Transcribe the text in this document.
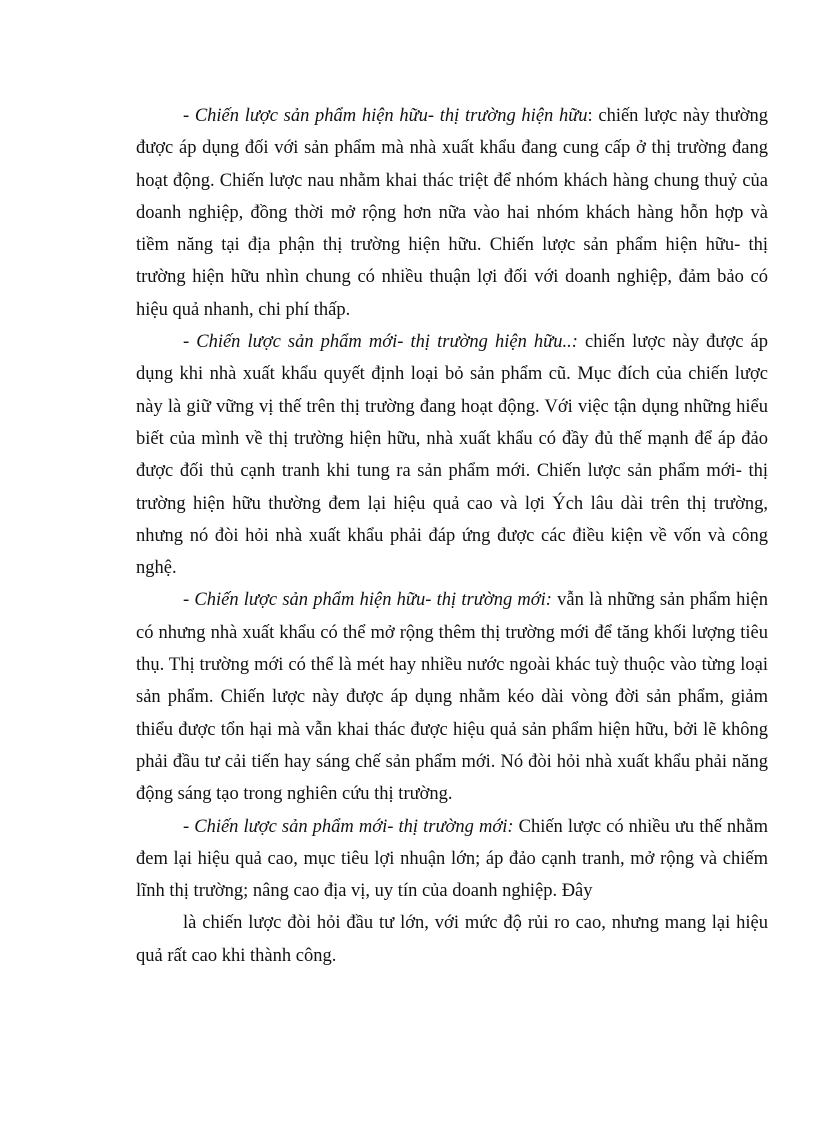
- Chiến lược sản phẩm hiện hữu- thị trường hiện hữu: chiến lược này thường được áp dụng đối với sản phẩm mà nhà xuất khẩu đang cung cấp ở thị trường đang hoạt động. Chiến lược nau nhằm khai thác triệt để nhóm khách hàng chung thuỷ của doanh nghiệp, đồng thời mở rộng hơn nữa vào hai nhóm khách hàng hỗn hợp và tiềm năng tại địa phận thị trường hiện hữu. Chiến lược sản phẩm hiện hữu- thị trường hiện hữu nhìn chung có nhiều thuận lợi đối với doanh nghiệp, đảm bảo có hiệu quả nhanh, chi phí thấp.

- Chiến lược sản phẩm mới- thị trường hiện hữu..: chiến lược này được áp dụng khi nhà xuất khẩu quyết định loại bỏ sản phẩm cũ. Mục đích của chiến lược này là giữ vững vị thế trên thị trường đang hoạt động. Với việc tận dụng những hiểu biết của mình về thị trường hiện hữu, nhà xuất khẩu có đầy đủ thế mạnh để áp đảo được đối thủ cạnh tranh khi tung ra sản phẩm mới. Chiến lược sản phẩm mới- thị trường hiện hữu thường đem lại hiệu quả cao và lợi Ých lâu dài trên thị trường, nhưng nó đòi hỏi nhà xuất khẩu phải đáp ứng được các điều kiện về vốn và công nghệ.

- Chiến lược sản phẩm hiện hữu- thị trường mới: vẫn là những sản phẩm hiện có nhưng nhà xuất khẩu có thể mở rộng thêm thị trường mới để tăng khối lượng tiêu thụ. Thị trường mới có thể là mét hay nhiều nước ngoài khác tuỳ thuộc vào từng loại sản phẩm. Chiến lược này được áp dụng nhằm kéo dài vòng đời sản phẩm, giảm thiểu được tổn hại mà vẫn khai thác được hiệu quả sản phẩm hiện hữu, bởi lẽ không phải đầu tư cải tiến hay sáng chế sản phẩm mới. Nó đòi hỏi nhà xuất khẩu phải năng động sáng tạo trong nghiên cứu thị trường.

- Chiến lược sản phẩm mới- thị trường mới: Chiến lược có nhiều ưu thế nhằm đem lại hiệu quả cao, mục tiêu lợi nhuận lớn; áp đảo cạnh tranh, mở rộng và chiếm lĩnh thị trường; nâng cao địa vị, uy tín của doanh nghiệp. Đây

là chiến lược đòi hỏi đầu tư lớn, với mức độ rủi ro cao, nhưng mang lại hiệu quả rất cao khi thành công.
